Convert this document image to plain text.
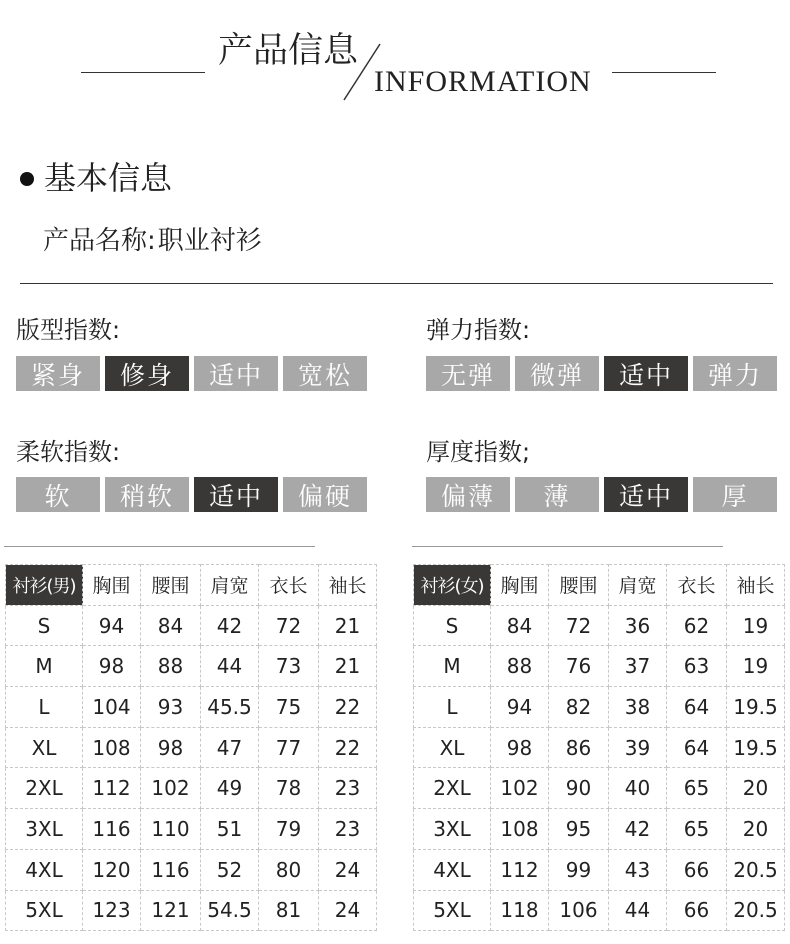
产品信息
INFORMATION
基本信息
产品名称:职业衬衫
版型指数:
紧身	修身	适中	宽松
弹力指数:
无弹	微弹	适中	弹力
柔软指数:
软	稍软	适中	偏硬
厚度指数;
偏薄	薄	适中	厚
衬衫(男)	胸围	腰围	肩宽	衣长	袖长
S	94	84	42	72	21
M	98	88	44	73	21
L	104	93	45.5	75	22
XL	108	98	47	77	22
2XL	112	102	49	78	23
3XL	116	110	51	79	23
4XL	120	116	52	80	24
5XL	123	121	54.5	81	24
衬衫(女)	胸围	腰围	肩宽	衣长	袖长
S	84	72	36	62	19
M	88	76	37	63	19
L	94	82	38	64	19.5
XL	98	86	39	64	19.5
2XL	102	90	40	65	20
3XL	108	95	42	65	20
4XL	112	99	43	66	20.5
5XL	118	106	44	66	20.5
